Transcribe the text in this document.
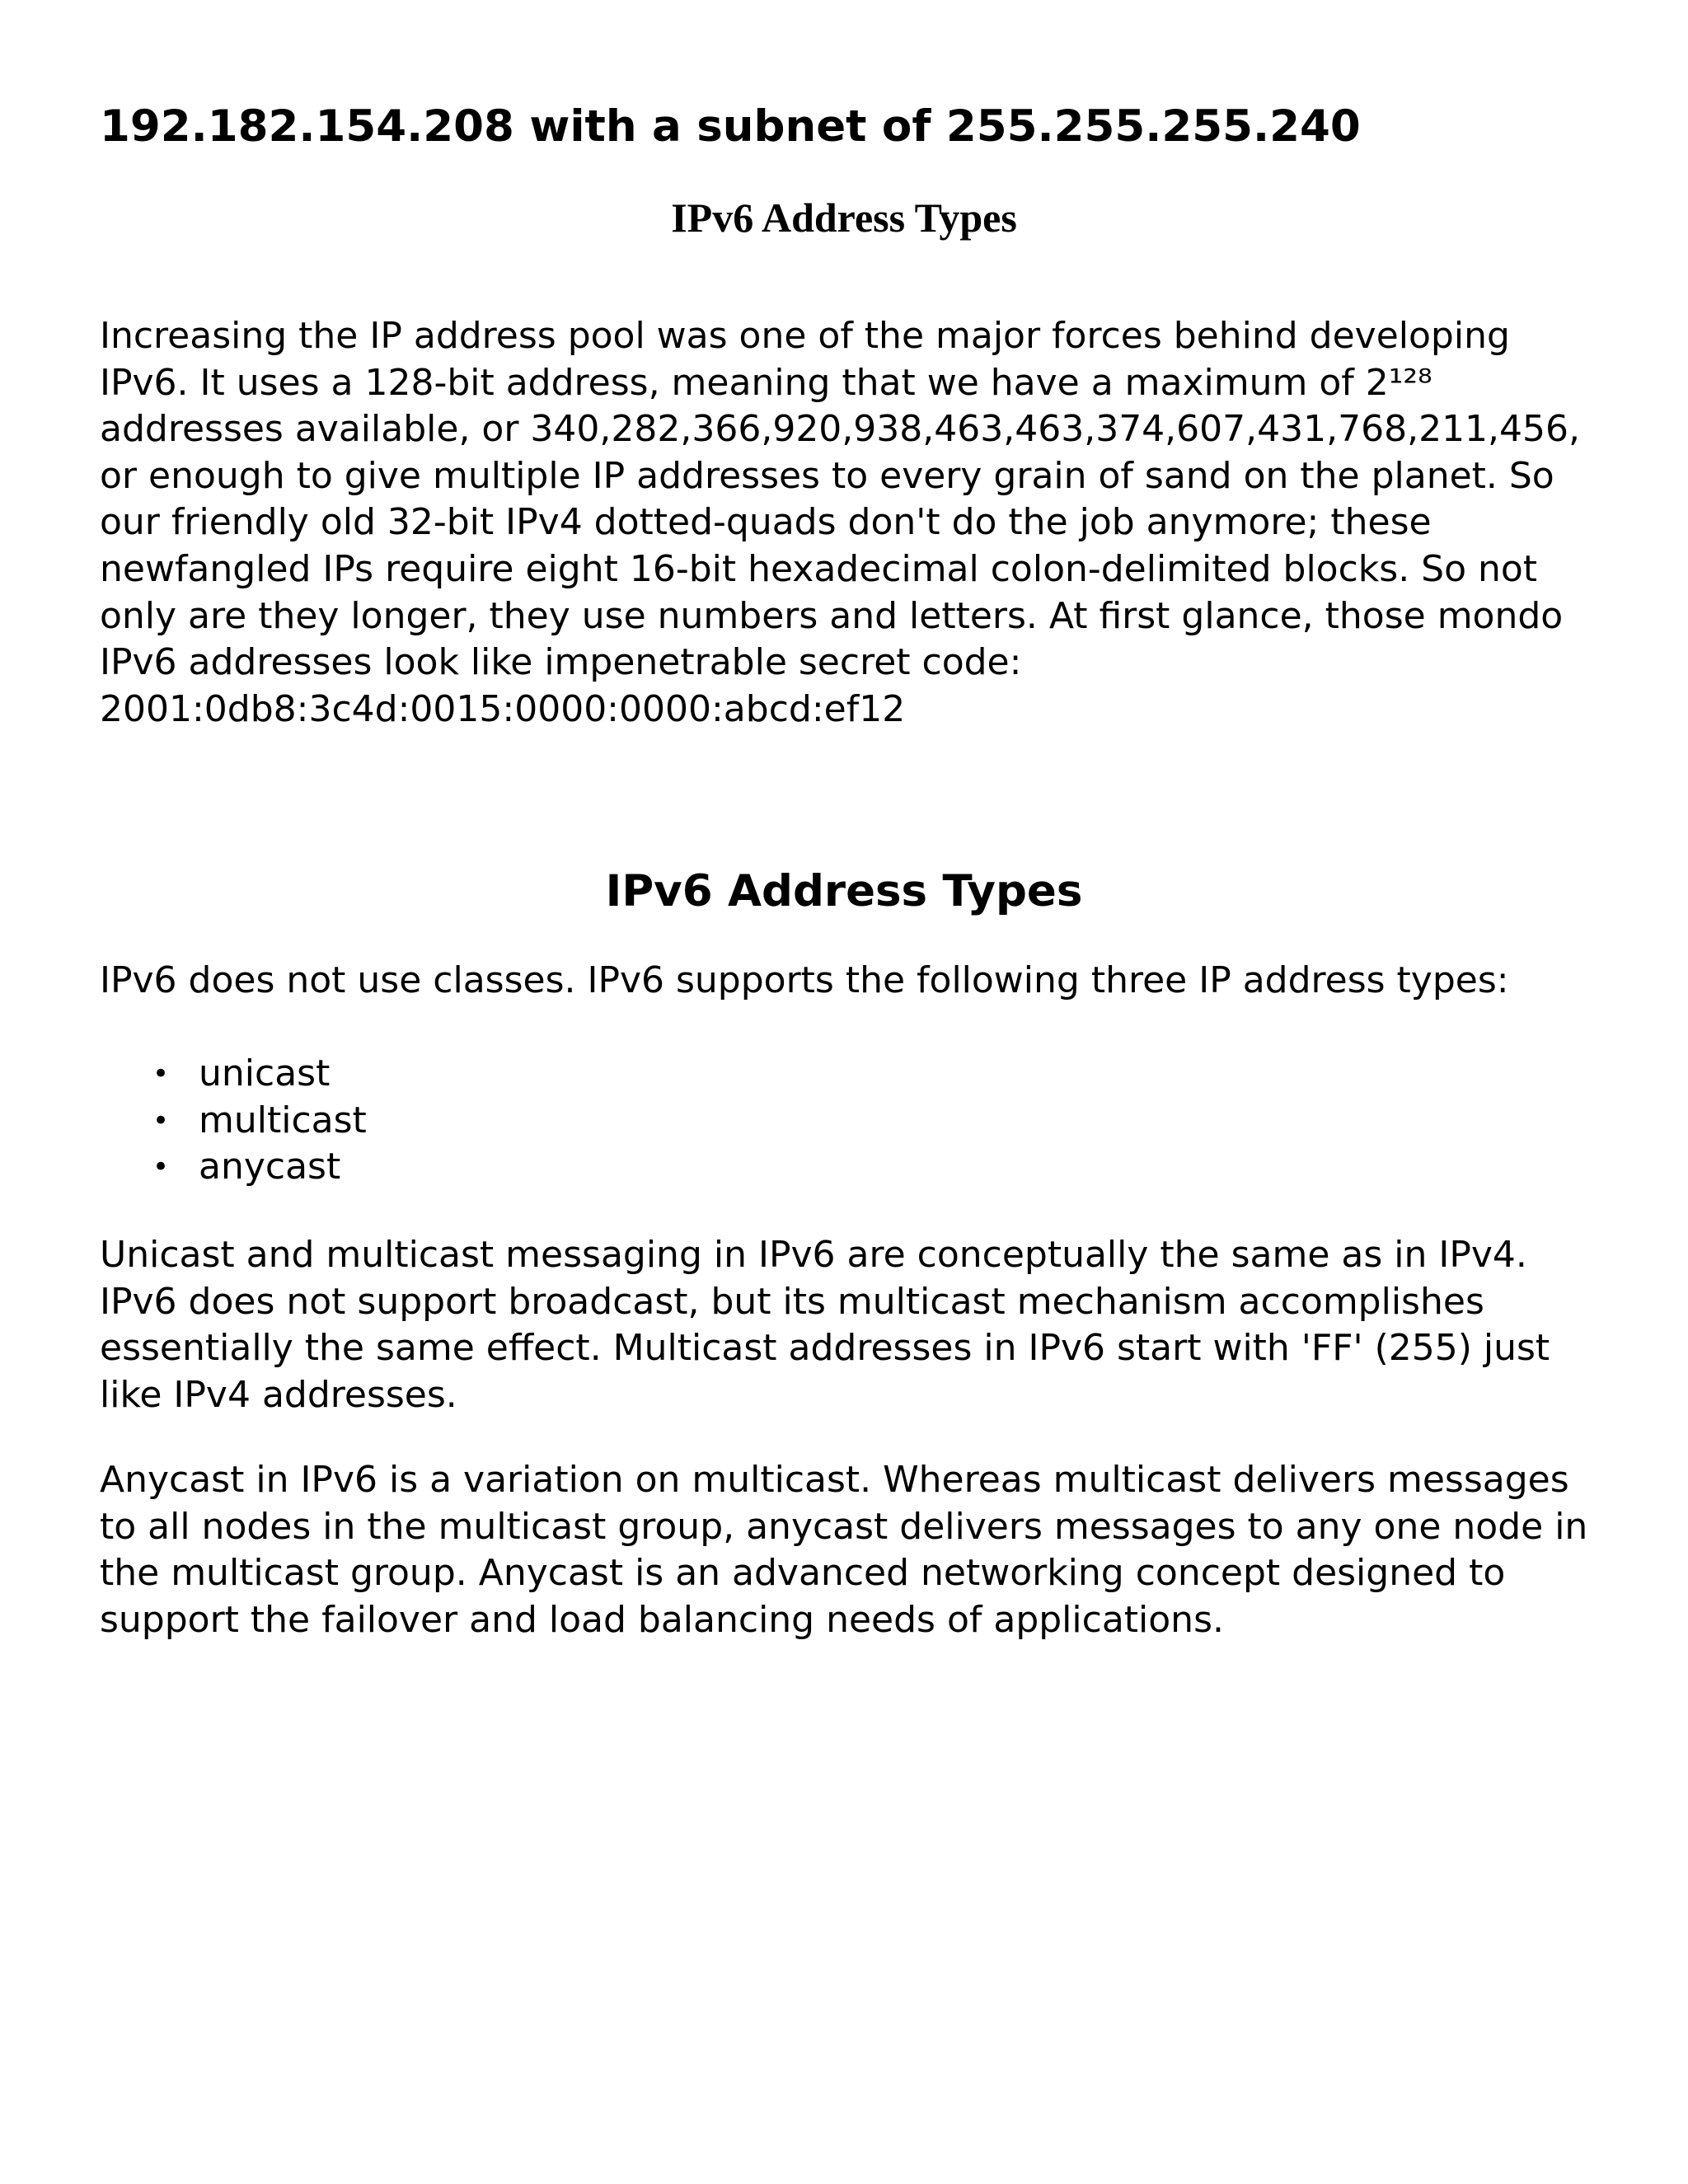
192.182.154.208 with a subnet of 255.255.255.240
IPv6 Address Types

Increasing the IP address pool was one of the major forces behind developing IPv6. It uses a 128-bit address, meaning that we have a maximum of 2¹²⁸ addresses available, or 340,282,366,920,938,463,463,374,607,431,768,211,456, or enough to give multiple IP addresses to every grain of sand on the planet. So our friendly old 32-bit IPv4 dotted-quads don't do the job anymore; these newfangled IPs require eight 16-bit hexadecimal colon-delimited blocks. So not only are they longer, they use numbers and letters. At first glance, those mondo IPv6 addresses look like impenetrable secret code: 2001:0db8:3c4d:0015:0000:0000:abcd:ef12

IPv6 Address Types

IPv6 does not use classes. IPv6 supports the following three IP address types:

• unicast
• multicast
• anycast

Unicast and multicast messaging in IPv6 are conceptually the same as in IPv4. IPv6 does not support broadcast, but its multicast mechanism accomplishes essentially the same effect. Multicast addresses in IPv6 start with 'FF' (255) just like IPv4 addresses.

Anycast in IPv6 is a variation on multicast. Whereas multicast delivers messages to all nodes in the multicast group, anycast delivers messages to any one node in the multicast group. Anycast is an advanced networking concept designed to support the failover and load balancing needs of applications.
